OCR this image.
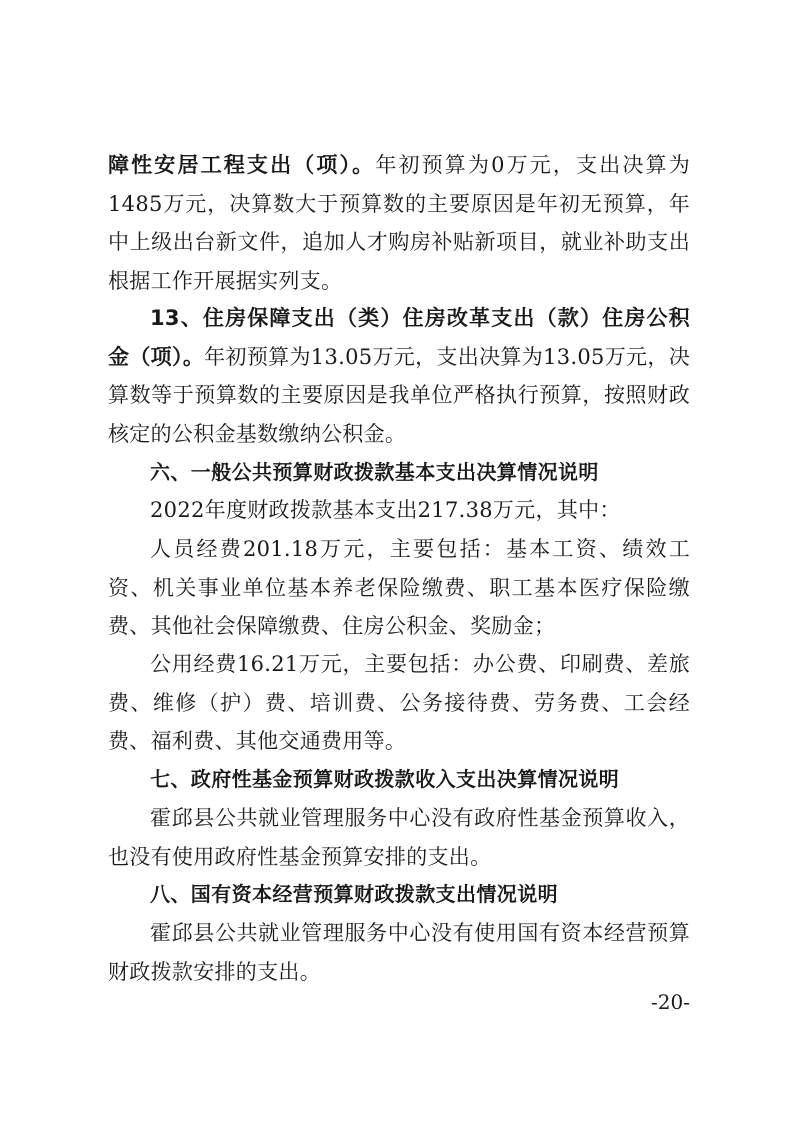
障性安居工程支出（项）。年初预算为0万元，支出决算为1485万元，决算数大于预算数的主要原因是年初无预算，年中上级出台新文件，追加人才购房补贴新项目，就业补助支出根据工作开展据实列支。

13、住房保障支出（类）住房改革支出（款）住房公积金（项）。年初预算为13.05万元，支出决算为13.05万元，决算数等于预算数的主要原因是我单位严格执行预算，按照财政核定的公积金基数缴纳公积金。

六、一般公共预算财政拨款基本支出决算情况说明

2022年度财政拨款基本支出217.38万元，其中：

人员经费201.18万元，主要包括：基本工资、绩效工资、机关事业单位基本养老保险缴费、职工基本医疗保险缴费、其他社会保障缴费、住房公积金、奖励金；

公用经费16.21万元，主要包括：办公费、印刷费、差旅费、维修（护）费、培训费、公务接待费、劳务费、工会经费、福利费、其他交通费用等。

七、政府性基金预算财政拨款收入支出决算情况说明

霍邱县公共就业管理服务中心没有政府性基金预算收入，也没有使用政府性基金预算安排的支出。

八、国有资本经营预算财政拨款支出情况说明

霍邱县公共就业管理服务中心没有使用国有资本经营预算财政拨款安排的支出。

-20-
